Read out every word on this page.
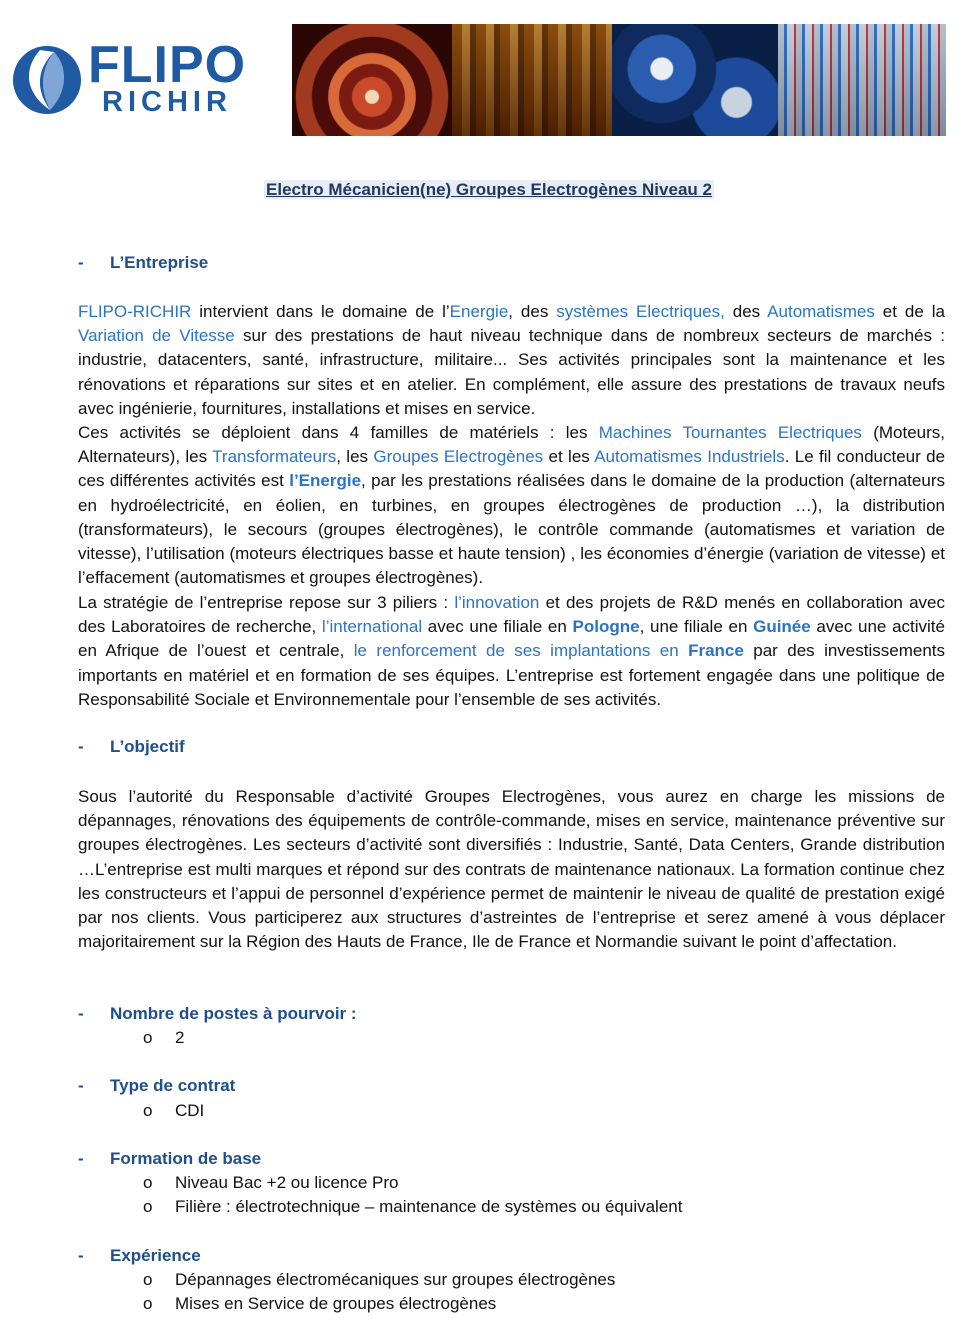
FLIPO
RICHIR
Electro Mécanicien(ne) Groupes Electrogènes Niveau 2
- L’Entreprise
FLIPO-RICHIR intervient dans le domaine de l’Energie, des systèmes Electriques, des Automatismes et de la Variation de Vitesse sur des prestations de haut niveau technique dans de nombreux secteurs de marchés : industrie, datacenters, santé, infrastructure, militaire... Ses activités principales sont la maintenance et les rénovations et réparations sur sites et en atelier. En complément, elle assure des prestations de travaux neufs avec ingénierie, fournitures, installations et mises en service.
Ces activités se déploient dans 4 familles de matériels : les Machines Tournantes Electriques (Moteurs, Alternateurs), les Transformateurs, les Groupes Electrogènes et les Automatismes Industriels. Le fil conducteur de ces différentes activités est l’Energie, par les prestations réalisées dans le domaine de la production (alternateurs en hydroélectricité, en éolien, en turbines, en groupes électrogènes de production …), la distribution (transformateurs), le secours (groupes électrogènes), le contrôle commande (automatismes et variation de vitesse), l’utilisation (moteurs électriques basse et haute tension) , les économies d’énergie (variation de vitesse) et l’effacement (automatismes et groupes électrogènes).
La stratégie de l’entreprise repose sur 3 piliers : l’innovation et des projets de R&D menés en collaboration avec des Laboratoires de recherche, l’international avec une filiale en Pologne, une filiale en Guinée avec une activité en Afrique de l’ouest et centrale, le renforcement de ses implantations en France par des investissements importants en matériel et en formation de ses équipes. L’entreprise est fortement engagée dans une politique de Responsabilité Sociale et Environnementale pour l’ensemble de ses activités.
- L’objectif
Sous l’autorité du Responsable d’activité Groupes Electrogènes, vous aurez en charge les missions de dépannages, rénovations des équipements de contrôle-commande, mises en service, maintenance préventive sur groupes électrogènes. Les secteurs d’activité sont diversifiés : Industrie, Santé, Data Centers, Grande distribution …L’entreprise est multi marques et répond sur des contrats de maintenance nationaux. La formation continue chez les constructeurs et l’appui de personnel d’expérience permet de maintenir le niveau de qualité de prestation exigé par nos clients. Vous participerez aux structures d’astreintes de l’entreprise et serez amené à vous déplacer majoritairement sur la Région des Hauts de France, Ile de France et Normandie suivant le point d’affectation.
- Nombre de postes à pourvoir :
o 2
- Type de contrat
o CDI
- Formation de base
o Niveau Bac +2 ou licence Pro
o Filière : électrotechnique – maintenance de systèmes ou équivalent
- Expérience
o Dépannages électromécaniques sur groupes électrogènes
o Mises en Service de groupes électrogènes
